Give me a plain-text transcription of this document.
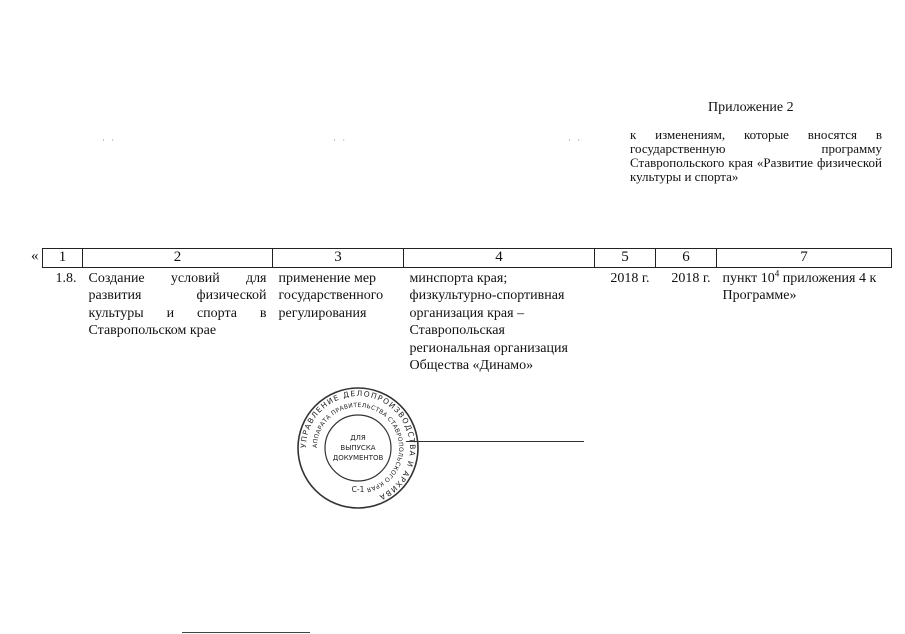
Приложение 2
к изменениям, которые вносятся в государственную программу Ставропольского края «Развитие физической культуры и спорта»
· ·	· ·	· ·
« 1	2	3	4	5	6	7
1.8.	Создание условий для развития физической культуры и спорта в Ставропольском крае	применение мер государственного регулирования	минспорта края;
физкультурно-спортивная организация края – Ставропольская региональная организация Общества «Динамо»	2018 г.	2018 г.	пункт $10^4$ приложения 4 к Программе»
УПРАВЛЕНИЕ ДЕЛОПРОИЗВОДС ВА И АРХИВА
АППАРАТА ПРАВИТЕЛЬСТВА СТАВРОПОЛЬСКОГО КРАЯ
ДЛЯ
ВЫПУСКА
ДОКУМЕНТОВ
С-1
